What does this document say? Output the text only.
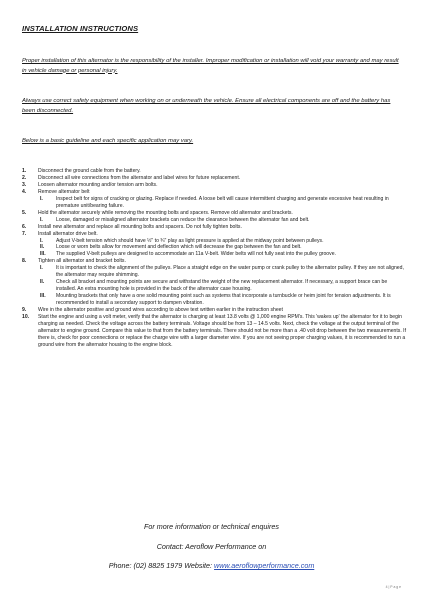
INSTALLATION INSTRUCTIONS
Proper installation of this alternator is the responsibility of the installer. Improper modification or installation will void your warranty and may result in vehicle damage or personal injury.
Always use correct safety equipment when working on or underneath the vehicle. Ensure all electrical components are off and the battery has been disconnected.
Below is a basic guideline and each specific application may vary.
1. Disconnect the ground cable from the battery.
2. Disconnect all wire connections from the alternator and label wires for future replacement.
3. Loosen alternator mounting and/or tension arm bolts.
4. Remove alternator belt
I.	Inspect belt for signs of cracking or glazing. Replace if needed. A loose belt will cause intermittent charging and generate excessive heat resulting in premature unit/bearing failure.
5. Hold the alternator securely while removing the mounting bolts and spacers. Remove old alternator and brackets.
I.	Loose, damaged or misaligned alternator brackets can reduce the clearance between the alternator fan and belt.
6. Install new alternator and replace all mounting bolts and spacers. Do not fully tighten bolts.
7. Install alternator drive belt.
I.	Adjust V-belt tension which should have ½" to ¾" play as light pressure is applied at the midway point between pulleys.
II. Loose or worn belts allow for movement and deflection which will decrease the gap between the fan and belt.
III. The supplied V-belt pulleys are designed to accommodate an 11a V-belt. Wider belts will not fully seat into the pulley groove.
8. Tighten all alternator and bracket bolts.
I.	It is important to check the alignment of the pulleys. Place a straight edge on the water pump or crank pulley to the alternator pulley. If they are not aligned, the alternator may require shimming.
II. Check all bracket and mounting points are secure and withstand the weight of the new replacement alternator. If necessary, a support brace can be installed. An extra mounting hole is provided in the back of the alternator case housing.
III. Mounting brackets that only have a one solid mounting point such as systems that incorporate a turnbuckle or heim joint for tension adjustments. It is recommended to install a secondary support to dampen vibration.
9. Wire in the alternator positive and ground wires according to above text written earlier in the instruction sheet
10. Start the engine and using a volt meter, verify that the alternator is charging at least 13.8 volts @ 1,000 engine RPM's. This 'wakes up' the alternator for it to begin charging as needed. Check the voltage across the battery terminals. Voltage should be from 13 – 14.5 volts. Next, check the voltage at the output terminal of the alternator to engine ground. Compare this value to that from the battery terminals. There should not be more than a .40 volt drop between the two measurements. If there is, check for poor connections or replace the charge wire with a larger diameter wire. If you are not seeing proper charging values, it is recommended to run a ground wire from the alternator housing to the engine block.
For more information or technical enquires
Contact: Aeroflow Performance on
Phone: (02) 8825 1979 Website: www.aeroflowperformance.com
4 | P a g e
